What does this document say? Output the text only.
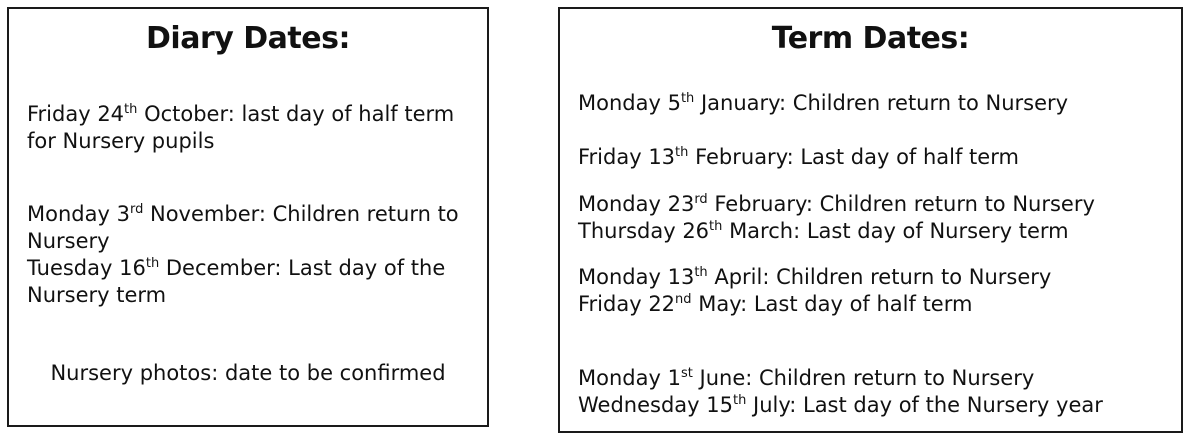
Diary Dates:

Friday 24th October: last day of half term
for Nursery pupils

Monday 3rd November: Children return to
Nursery

Tuesday 16th December: Last day of the
Nursery term

Nursery photos: date to be confirmed

Term Dates:

Monday 5th January: Children return to Nursery

Friday 13th February: Last day of half term

Monday 23rd February: Children return to Nursery
Thursday 26th March: Last day of Nursery term

Monday 13th April: Children return to Nursery
Friday 22nd May: Last day of half term

Monday 1st June: Children return to Nursery
Wednesday 15th July: Last day of the Nursery year
